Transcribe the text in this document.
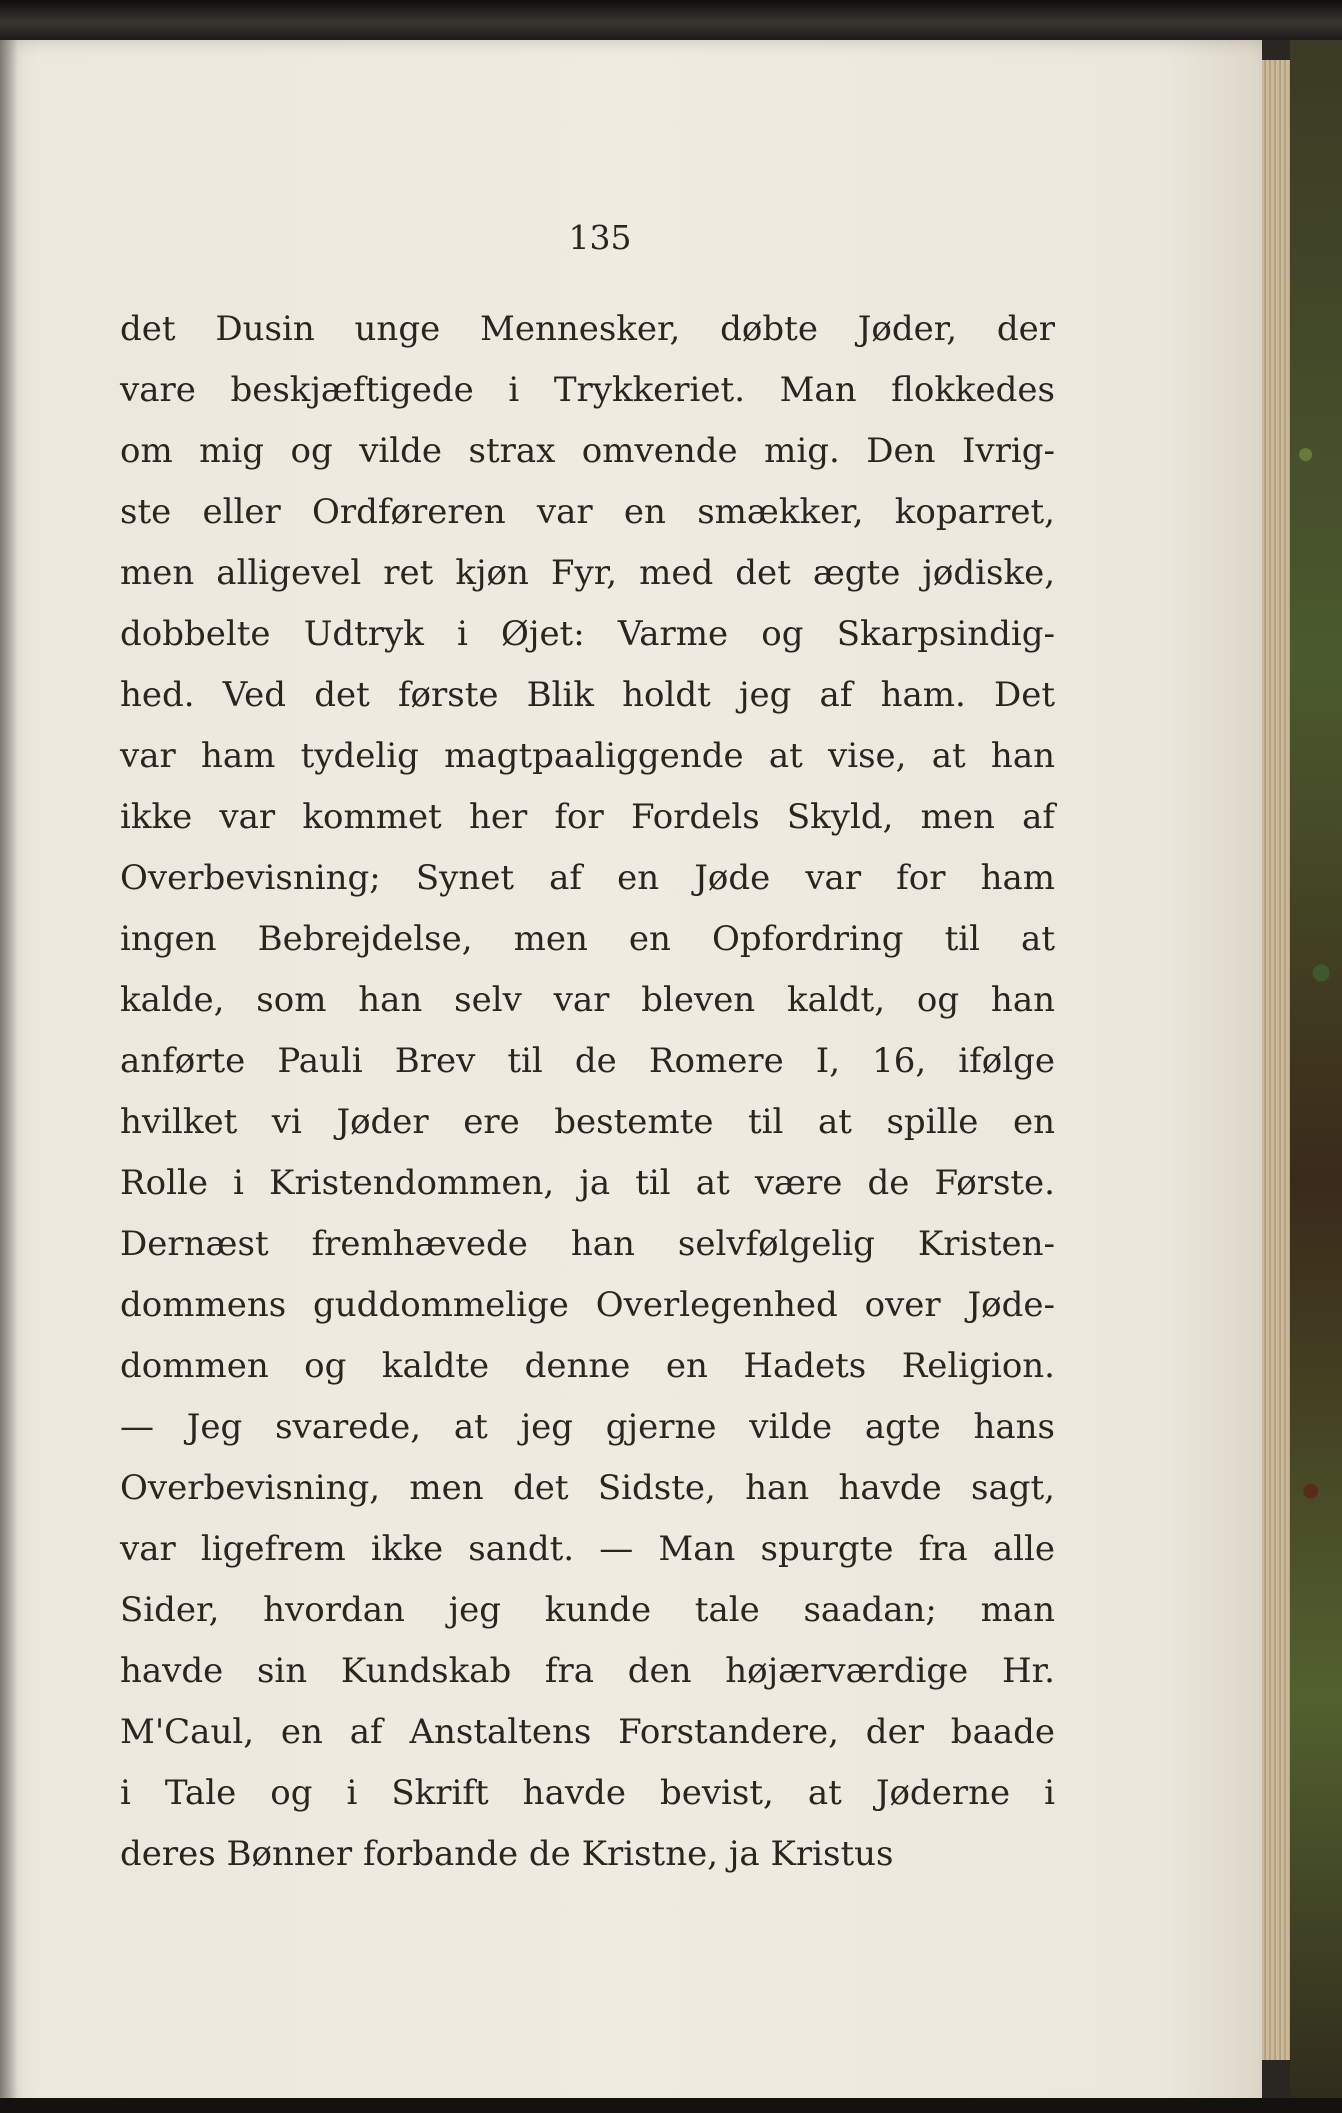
135
det Dusin unge Mennesker, døbte Jøder, der
vare beskjæftigede i Trykkeriet. Man flokkedes
om mig og vilde strax omvende mig. Den Ivrig-
ste eller Ordføreren var en smækker, koparret,
men alligevel ret kjøn Fyr, med det ægte jødiske,
dobbelte Udtryk i Øjet: Varme og Skarpsindig-
hed. Ved det første Blik holdt jeg af ham. Det
var ham tydelig magtpaaliggende at vise, at han
ikke var kommet her for Fordels Skyld, men af
Overbevisning; Synet af en Jøde var for ham
ingen Bebrejdelse, men en Opfordring til at
kalde, som han selv var bleven kaldt, og han
anførte Pauli Brev til de Romere I, 16, ifølge
hvilket vi Jøder ere bestemte til at spille en
Rolle i Kristendommen, ja til at være de Første.
Dernæst fremhævede han selvfølgelig Kristen-
dommens guddommelige Overlegenhed over Jøde-
dommen og kaldte denne en Hadets Religion.
— Jeg svarede, at jeg gjerne vilde agte hans
Overbevisning, men det Sidste, han havde sagt,
var ligefrem ikke sandt. — Man spurgte fra alle
Sider, hvordan jeg kunde tale saadan; man
havde sin Kundskab fra den højærværdige Hr.
M'Caul, en af Anstaltens Forstandere, der baade
i Tale og i Skrift havde bevist, at Jøderne i
deres Bønner forbande de Kristne, ja Kristus
